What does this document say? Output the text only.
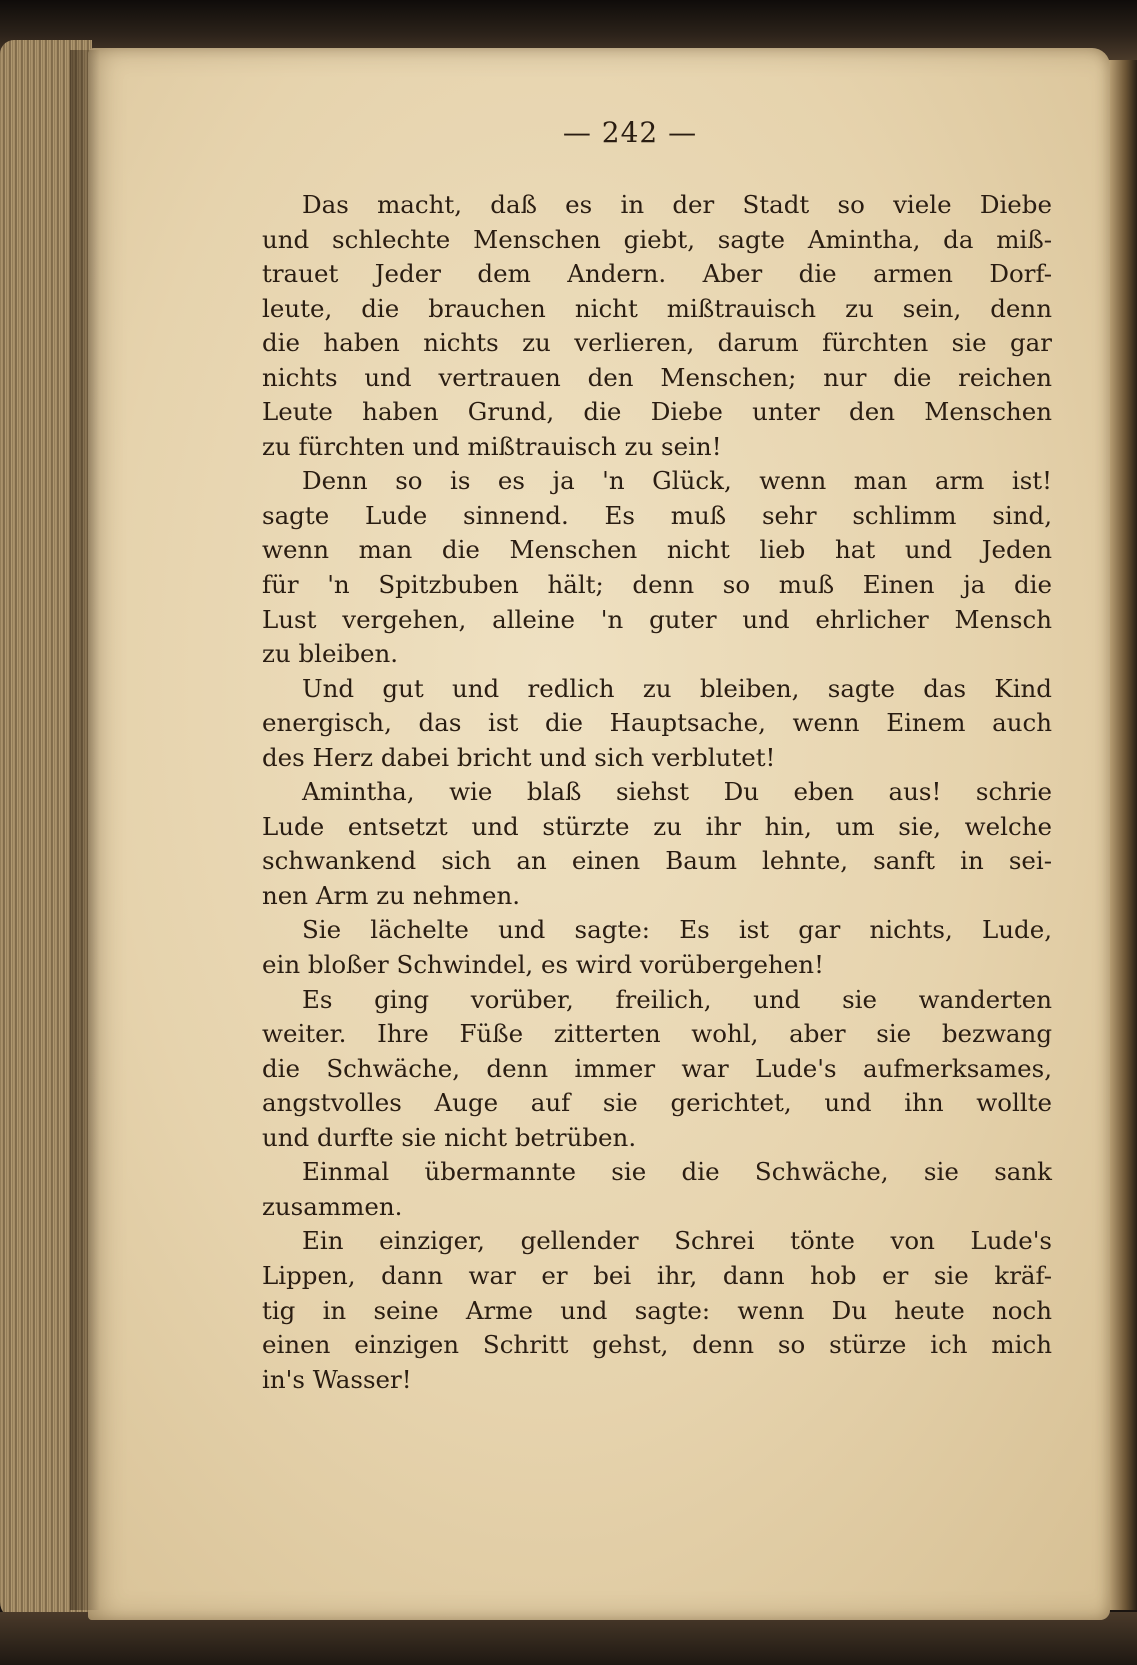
— 242 —
Das macht, daß es in der Stadt so viele Diebe
und schlechte Menschen giebt, sagte Amintha, da miß-
trauet Jeder dem Andern. Aber die armen Dorf-
leute, die brauchen nicht mißtrauisch zu sein, denn
die haben nichts zu verlieren, darum fürchten sie gar
nichts und vertrauen den Menschen; nur die reichen
Leute haben Grund, die Diebe unter den Menschen
zu fürchten und mißtrauisch zu sein!
Denn so is es ja 'n Glück, wenn man arm ist!
sagte Lude sinnend. Es muß sehr schlimm sind,
wenn man die Menschen nicht lieb hat und Jeden
für 'n Spitzbuben hält; denn so muß Einen ja die
Lust vergehen, alleine 'n guter und ehrlicher Mensch
zu bleiben.
Und gut und redlich zu bleiben, sagte das Kind
energisch, das ist die Hauptsache, wenn Einem auch
des Herz dabei bricht und sich verblutet!
Amintha, wie blaß siehst Du eben aus! schrie
Lude entsetzt und stürzte zu ihr hin, um sie, welche
schwankend sich an einen Baum lehnte, sanft in sei-
nen Arm zu nehmen.
Sie lächelte und sagte: Es ist gar nichts, Lude,
ein bloßer Schwindel, es wird vorübergehen!
Es ging vorüber, freilich, und sie wanderten
weiter. Ihre Füße zitterten wohl, aber sie bezwang
die Schwäche, denn immer war Lude's aufmerksames,
angstvolles Auge auf sie gerichtet, und ihn wollte
und durfte sie nicht betrüben.
Einmal übermannte sie die Schwäche, sie sank
zusammen.
Ein einziger, gellender Schrei tönte von Lude's
Lippen, dann war er bei ihr, dann hob er sie kräf-
tig in seine Arme und sagte: wenn Du heute noch
einen einzigen Schritt gehst, denn so stürze ich mich
in's Wasser!
